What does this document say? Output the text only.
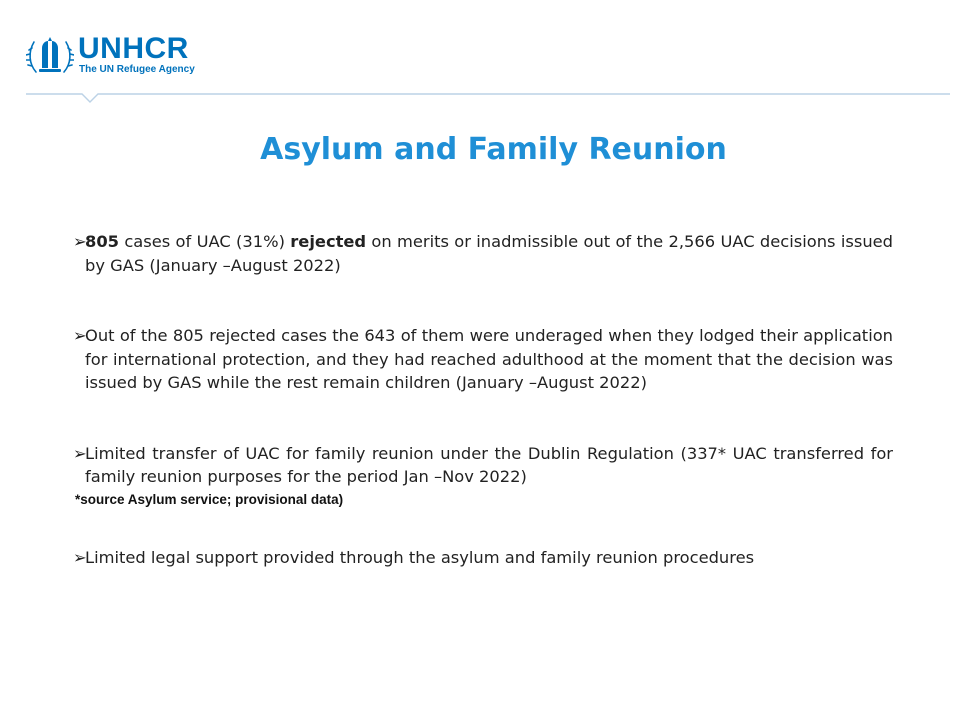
UNHCR
The UN Refugee Agency
Asylum and Family Reunion
➢
805 cases of UAC (31%) rejected on merits or inadmissible out of the 2,566 UAC decisions issued by GAS (January –August 2022)
➢
Out of the 805 rejected cases the 643 of them were underaged when they lodged their application for international protection, and they had reached adulthood at the moment that the decision was issued by GAS while the rest remain children (January –August 2022)
➢
Limited transfer of UAC for family reunion under the Dublin Regulation (337* UAC transferred for family reunion purposes for the period Jan –Nov 2022)
*source Asylum service; provisional data)
➢
Limited legal support provided through the asylum and family reunion procedures
